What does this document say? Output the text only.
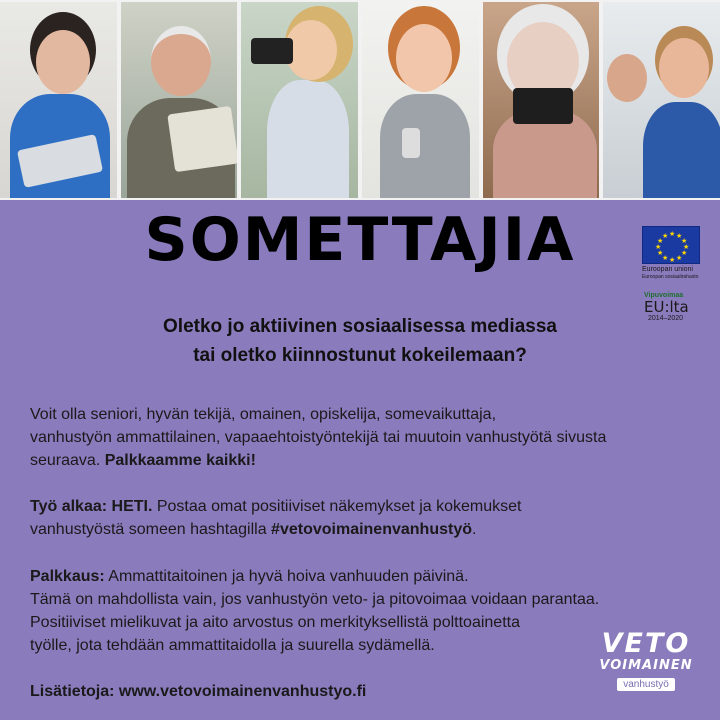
SOMETTAJIA
Oletko jo aktiivinen sosiaalisessa mediassa
tai oletko kiinnostunut kokeilemaan?
Voit olla seniori, hyvän tekijä, omainen, opiskelija, somevaikuttaja,
vanhustyön ammattilainen, vapaaehtoistyöntekijä tai muutoin vanhustyötä sivusta
seuraava. Palkkaamme kaikki!
Työ alkaa: HETI. Postaa omat positiiviset näkemykset ja kokemukset
vanhustyöstä someen hashtagilla #vetovoimainenvanhustyö.
Palkkaus: Ammattitaitoinen ja hyvä hoiva vanhuuden päivinä.
Tämä on mahdollista vain, jos vanhustyön veto- ja pitovoimaa voidaan parantaa.
Positiiviset mielikuvat ja aito arvostus on merkityksellistä polttoainetta
työlle, jota tehdään ammattitaidolla ja suurella sydämellä.
Lisätietoja: www.vetovoimainenvanhustyo.fi
★ ★
★
★
★
★
★
★
★
★
★
★
Euroopan unioni
Euroopan sosiaalirahasto
Vipuvoimaa
EU:lta
2014–2020
VETO
VOIMAINEN
vanhustyö
